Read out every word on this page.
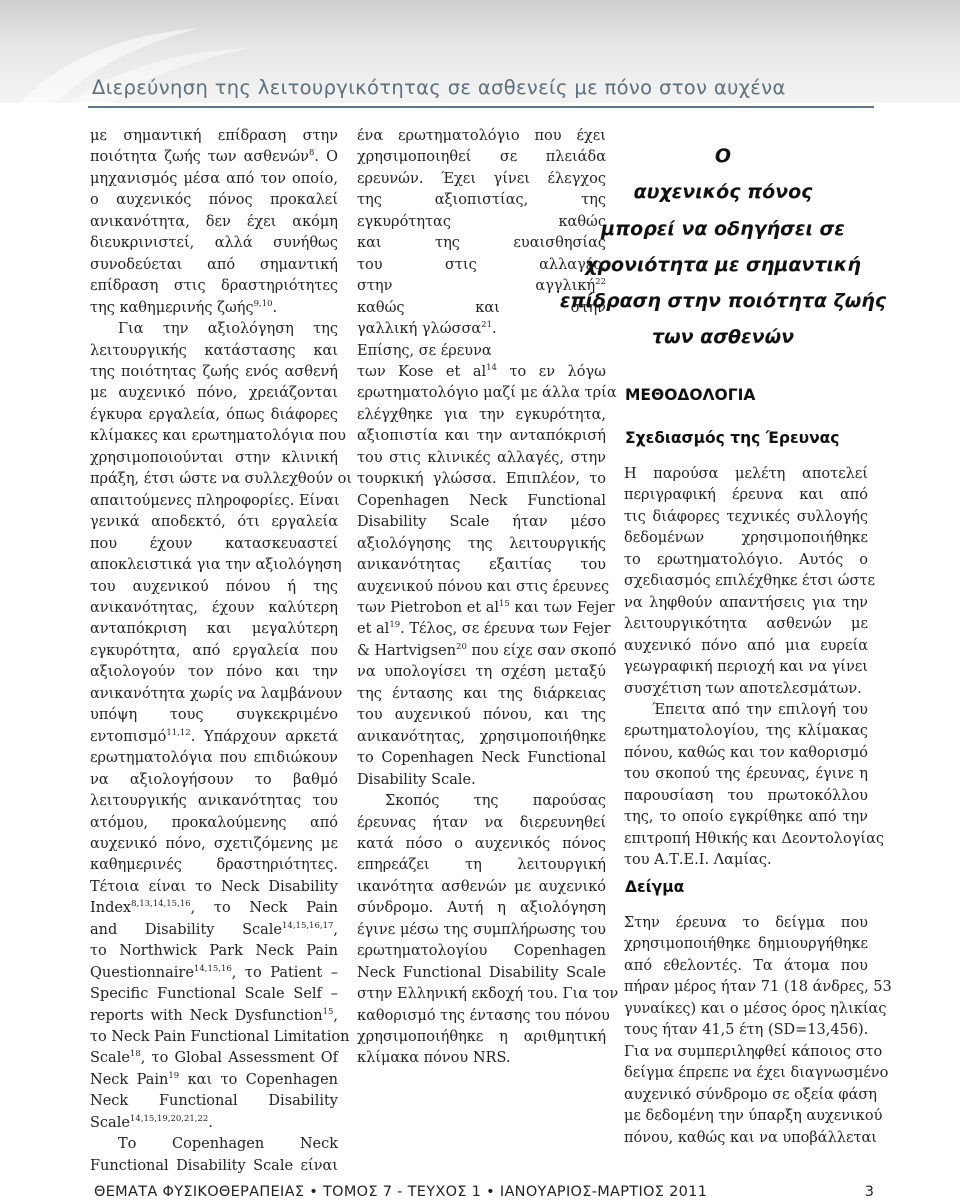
Διερεύνηση της λειτουργικότητας σε ασθενείς με πόνο στον αυχένα
με σημαντική επίδραση στην
ποιότητα ζωής των ασθενών$^8$. Ο
μηχανισμός μέσα από τον οποίο,
ο αυχενικός πόνος προκαλεί
ανικανότητα, δεν έχει ακόμη
διευκρινιστεί, αλλά συνήθως
συνοδεύεται από σημαντική
επίδραση στις δραστηριότητες
της καθημερινής ζωής$^{9,10}$.
Για την αξιολόγηση της
λειτουργικής κατάστασης και
της ποιότητας ζωής ενός ασθενή
με αυχενικό πόνο, χρειάζονται
έγκυρα εργαλεία, όπως διάφορες
κλίμακες και ερωτηματολόγια που
χρησιμοποιούνται στην κλινική
πράξη, έτσι ώστε να συλλεχθούν οι
απαιτούμενες πληροφορίες. Είναι
γενικά αποδεκτό, ότι εργαλεία
που έχουν κατασκευαστεί
αποκλειστικά για την αξιολόγηση
του αυχενικού πόνου ή της
ανικανότητας, έχουν καλύτερη
ανταπόκριση και μεγαλύτερη
εγκυρότητα, από εργαλεία που
αξιολογούν τον πόνο και την
ανικανότητα χωρίς να λαμβάνουν
υπόψη τους συγκεκριμένο
εντοπισμό$^{11,12}$. Υπάρχουν αρκετά
ερωτηματολόγια που επιδιώκουν
να αξιολογήσουν το βαθμό
λειτουργικής ανικανότητας του
ατόμου, προκαλούμενης από
αυχενικό πόνο, σχετιζόμενης με
καθημερινές δραστηριότητες.
Τέτοια είναι το Neck Disability
Index$^{8,13,14,15,16}$, το Neck Pain
and Disability Scale$^{14,15,16,17}$,
το Northwick Park Neck Pain
Questionnaire$^{14,15,16}$, το Patient –
Specific Functional Scale Self –
reports with Neck Dysfunction$^{15}$,
το Neck Pain Functional Limitation
Scale$^{18}$, το Global Assessment Of
Neck Pain$^{19}$ και το Copenhagen
Neck Functional Disability
Scale$^{14,15,19,20,21,22}$.
Το Copenhagen Neck
Functional Disability Scale είναι
ένα ερωτηματολόγιο που έχει
χρησιμοποιηθεί σε πλειάδα
ερευνών. Έχει γίνει έλεγχος
της αξιοπιστίας, της
εγκυρότητας καθώς
και της ευαισθησίας
του στις αλλαγές,
στην αγγλική$^{22}$
καθώς και στην
γαλλική γλώσσα$^{21}$.
Επίσης, σε έρευνα
των Kose et $al^{14}$ το εν λόγω
ερωτηματολόγιο μαζί με άλλα τρία
ελέγχθηκε για την εγκυρότητα,
αξιοπιστία και την ανταπόκρισή
του στις κλινικές αλλαγές, στην
τουρκική γλώσσα. Επιπλέον, το
Copenhagen Neck Functional
Disability Scale ήταν μέσο
αξιολόγησης της λειτουργικής
ανικανότητας εξαιτίας του
αυχενικού πόνου και στις έρευνες
των Pietrobon et $al^{15}$ και των Fejer
et $al^{19}$. Τέλος, σε έρευνα των Fejer
& Hartvigsen$^{20}$ που είχε σαν σκοπό
να υπολογίσει τη σχέση μεταξύ
της έντασης και της διάρκειας
του αυχενικού πόνου, και της
ανικανότητας, χρησιμοποιήθηκε
το Copenhagen Neck Functional
Disability Scale.
Σκοπός της παρούσας
έρευνας ήταν να διερευνηθεί
κατά πόσο ο αυχενικός πόνος
επηρεάζει τη λειτουργική
ικανότητα ασθενών με αυχενικό
σύνδρομο. Αυτή η αξιολόγηση
έγινε μέσω της συμπλήρωσης του
ερωτηματολογίου Copenhagen
Neck Functional Disability Scale
στην Ελληνική εκδοχή του. Για τον
καθορισμό της έντασης του πόνου
χρησιμοποιήθηκε η αριθμητική
κλίμακα πόνου NRS.
Ο
αυχενικός πόνος
μπορεί να οδηγήσει σε
χρονιότητα με σημαντική
επίδραση στην ποιότητα ζωής
των ασθενών
ΜΕΘΟΔΟΛΟΓΙΑ
Σχεδιασμός της Έρευνας
Η παρούσα μελέτη αποτελεί
περιγραφική έρευνα και από
τις διάφορες τεχνικές συλλογής
δεδομένων χρησιμοποιήθηκε
το ερωτηματολόγιο. Αυτός ο
σχεδιασμός επιλέχθηκε έτσι ώστε
να ληφθούν απαντήσεις για την
λειτουργικότητα ασθενών με
αυχενικό πόνο από μια ευρεία
γεωγραφική περιοχή και να γίνει
συσχέτιση των αποτελεσμάτων.
Έπειτα από την επιλογή του
ερωτηματολογίου, της κλίμακας
πόνου, καθώς και τον καθορισμό
του σκοπού της έρευνας, έγινε η
παρουσίαση του πρωτοκόλλου
της, το οποίο εγκρίθηκε από την
επιτροπή Ηθικής και Δεοντολογίας
του Α.Τ.Ε.Ι. Λαμίας.
Δείγμα
Στην έρευνα το δείγμα που
χρησιμοποιήθηκε δημιουργήθηκε
από εθελοντές. Τα άτομα που
πήραν μέρος ήταν 71 (18 άνδρες, 53
γυναίκες) και ο μέσος όρος ηλικίας
τους ήταν 41,5 έτη (SD=13,456).
Για να συμπεριληφθεί κάποιος στο
δείγμα έπρεπε να έχει διαγνωσμένο
αυχενικό σύνδρομο σε οξεία φάση
με δεδομένη την ύπαρξη αυχενικού
πόνου, καθώς και να υποβάλλεται
ΘΕΜΑΤΑ ΦΥΣΙΚΟΘΕΡΑΠΕΙΑΣ • ΤΟΜΟΣ 7 - ΤΕΥΧΟΣ 1 • ΙΑΝΟΥΑΡΙΟΣ-ΜΑΡΤΙΟΣ 2011	3
